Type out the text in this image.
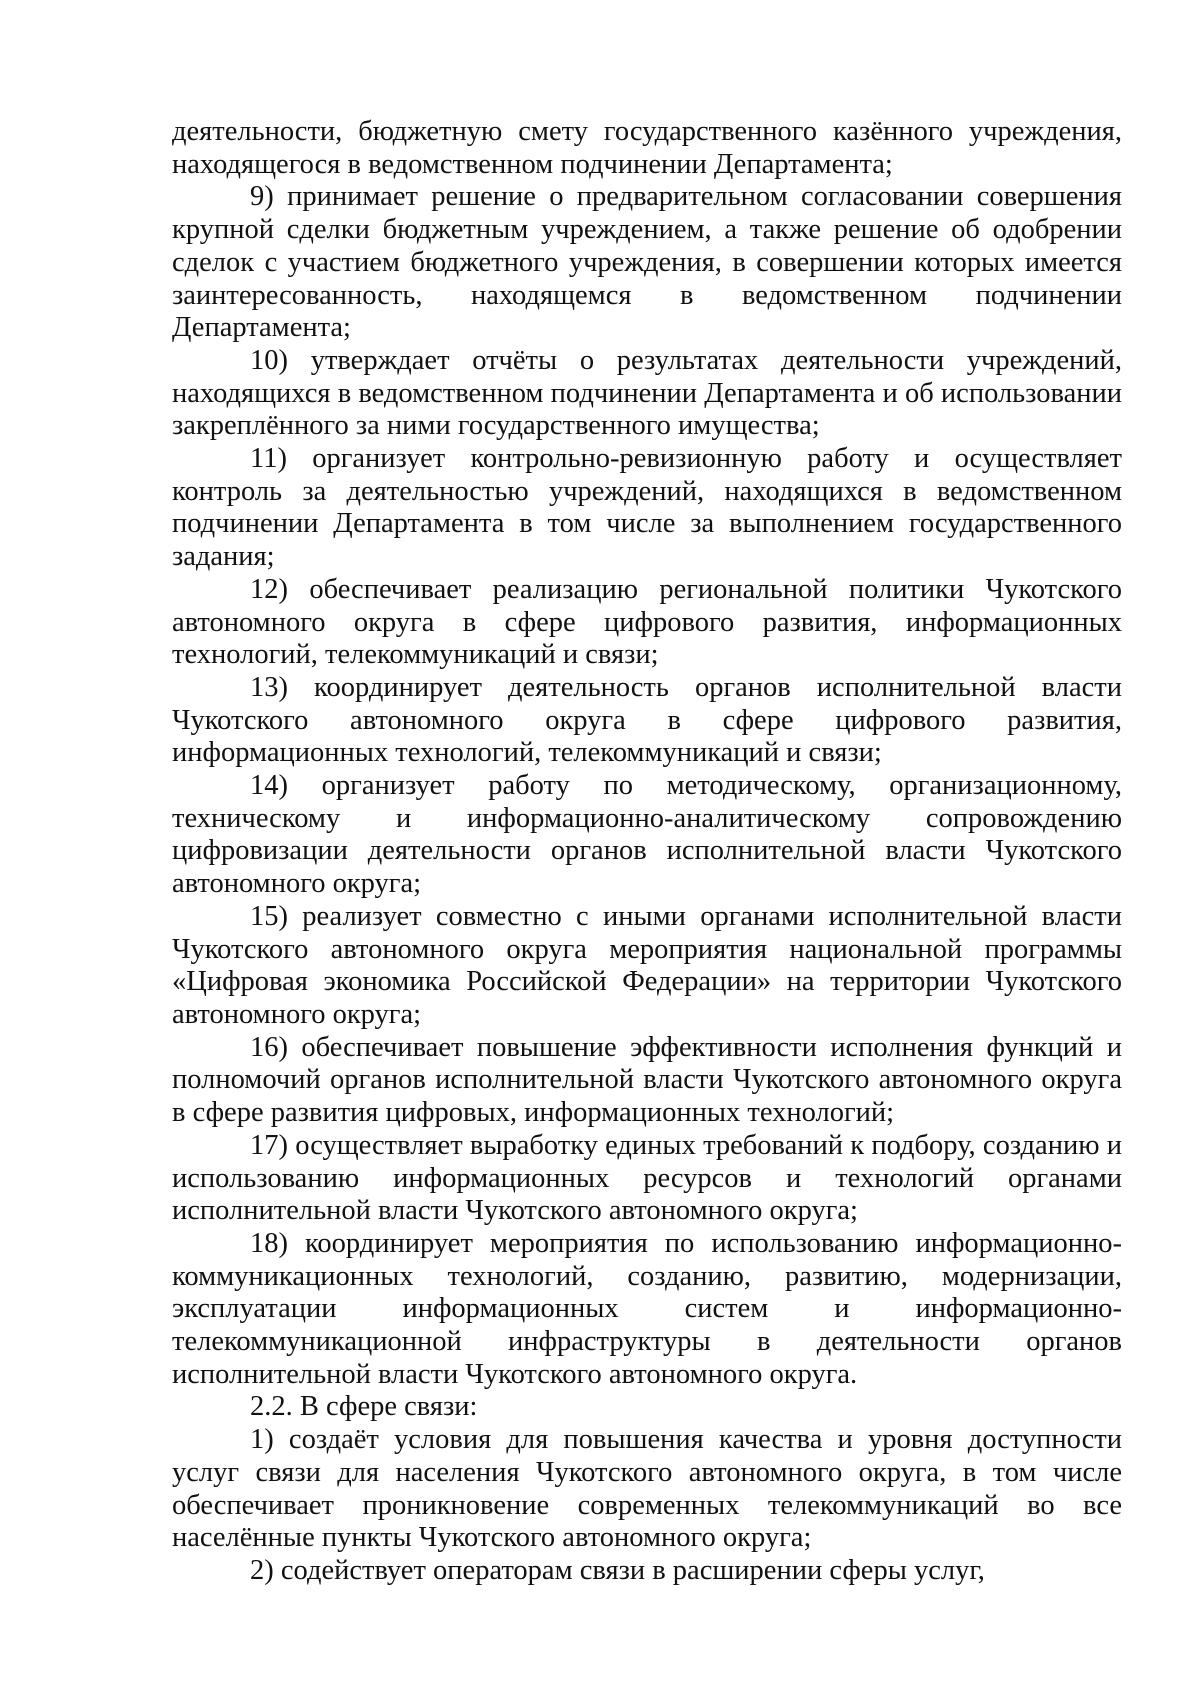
деятельности, бюджетную смету государственного казённого учреждения, находящегося в ведомственном подчинении Департамента;

9) принимает решение о предварительном согласовании совершения крупной сделки бюджетным учреждением, а также решение об одобрении сделок с участием бюджетного учреждения, в совершении которых имеется заинтересованность, находящемся в ведомственном подчинении Департамента;

10) утверждает отчёты о результатах деятельности учреждений, находящихся в ведомственном подчинении Департамента и об использовании закреплённого за ними государственного имущества;

11) организует контрольно-ревизионную работу и осуществляет контроль за деятельностью учреждений, находящихся в ведомственном подчинении Департамента в том числе за выполнением государственного задания;

12) обеспечивает реализацию региональной политики Чукотского автономного округа в сфере цифрового развития, информационных технологий, телекоммуникаций и связи;

13) координирует деятельность органов исполнительной власти Чукотского автономного округа в сфере цифрового развития, информационных технологий, телекоммуникаций и связи;

14) организует работу по методическому, организационному, техническому и информационно-аналитическому сопровождению цифровизации деятельности органов исполнительной власти Чукотского автономного округа;

15) реализует совместно с иными органами исполнительной власти Чукотского автономного округа мероприятия национальной программы «Цифровая экономика Российской Федерации» на территории Чукотского автономного округа;

16) обеспечивает повышение эффективности исполнения функций и полномочий органов исполнительной власти Чукотского автономного округа в сфере развития цифровых, информационных технологий;

17) осуществляет выработку единых требований к подбору, созданию и использованию информационных ресурсов и технологий органами исполнительной власти Чукотского автономного округа;

18) координирует мероприятия по использованию информационно-коммуникационных технологий, созданию, развитию, модернизации, эксплуатации информационных систем и информационно-телекоммуникационной инфраструктуры в деятельности органов исполнительной власти Чукотского автономного округа.

2.2. В сфере связи:

1) создаёт условия для повышения качества и уровня доступности услуг связи для населения Чукотского автономного округа, в том числе обеспечивает проникновение современных телекоммуникаций во все населённые пункты Чукотского автономного округа;

2) содействует операторам связи в расширении сферы услуг,
